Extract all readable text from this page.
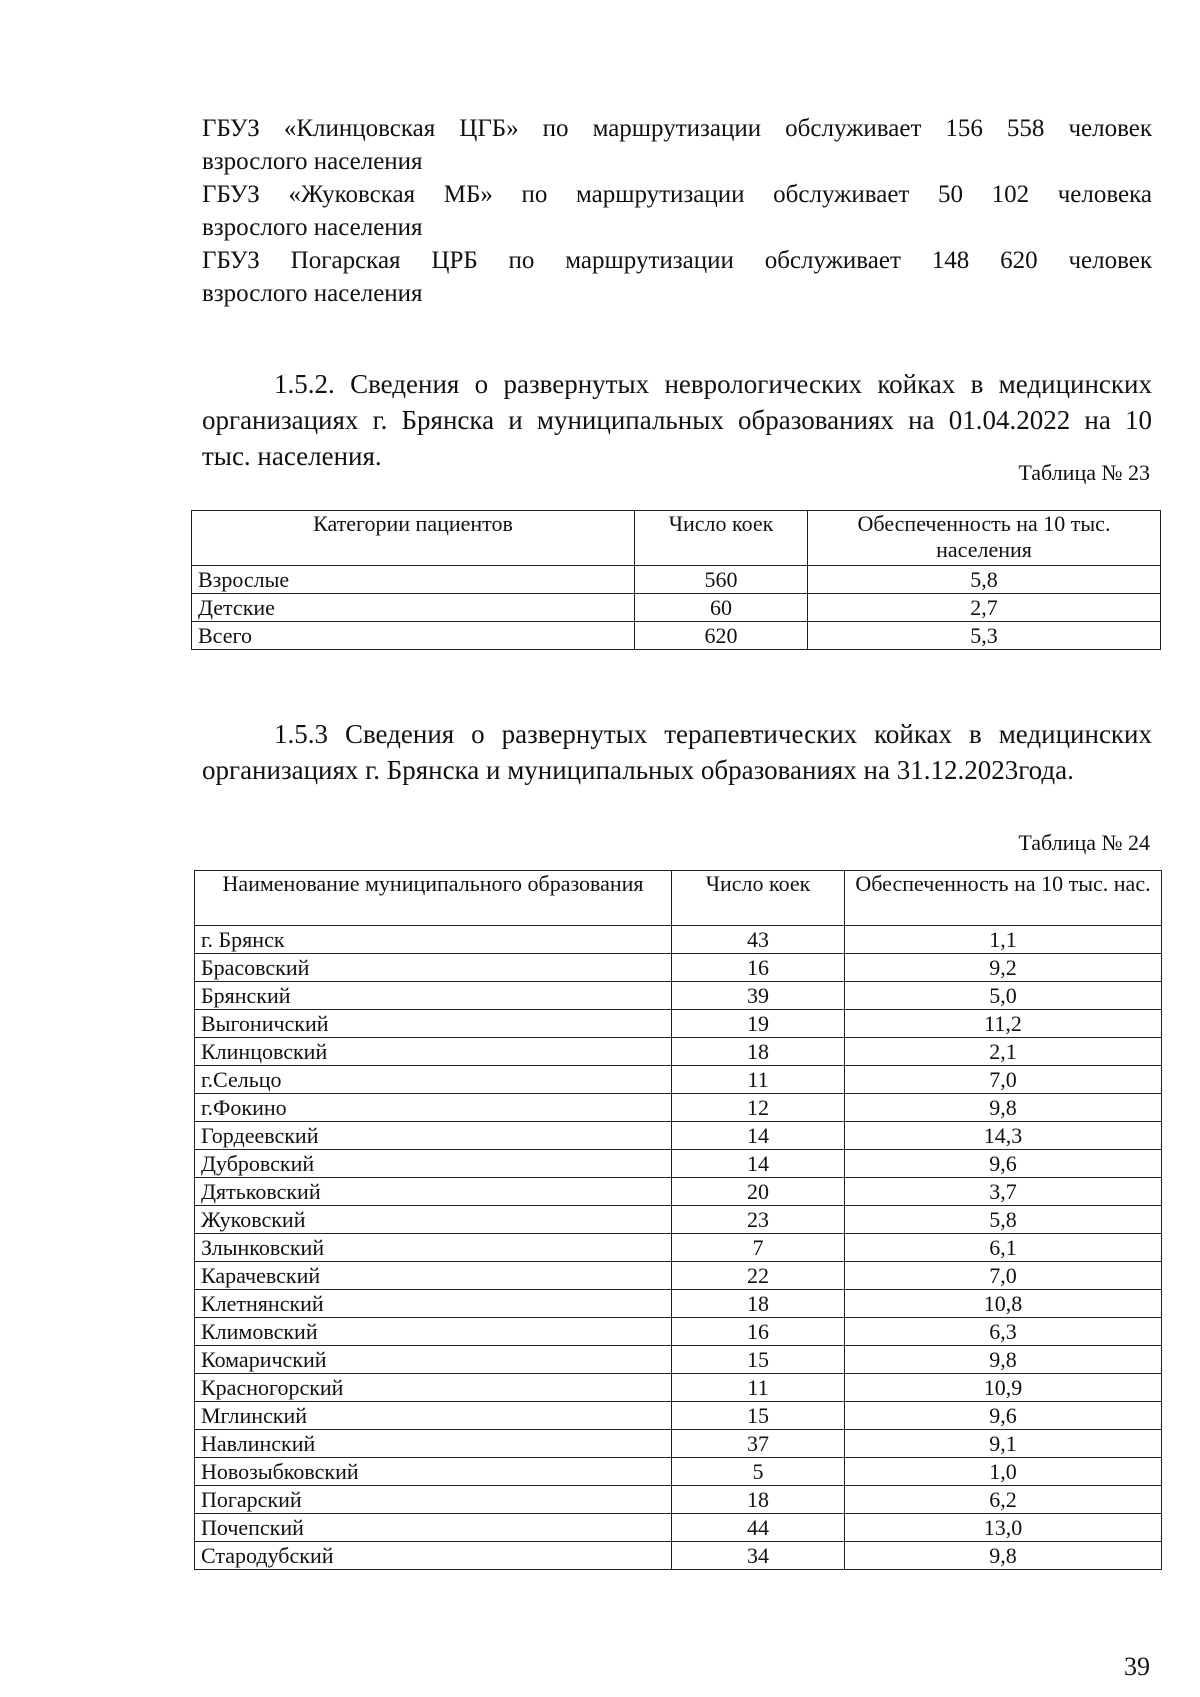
ГБУЗ «Клинцовская ЦГБ» по маршрутизации обслуживает 156 558 человек
взрослого населения
ГБУЗ «Жуковская МБ» по маршрутизации обслуживает 50 102 человека
взрослого населения
ГБУЗ Погарская ЦРБ по маршрутизации обслуживает 148 620 человек
взрослого населения
1.5.2. Сведения о развернутых неврологических койках в медицинских
организациях г. Брянска и муниципальных образованиях на 01.04.2022 на 10
тыс. населения.
Таблица № 23
Категории пациентов	Число коек	Обеспеченность на 10 тыс. населения
Взрослые	560	5,8
Детские	60	2,7
Всего	620	5,3
1.5.3 Сведения о развернутых терапевтических койках в медицинских
организациях г. Брянска и муниципальных образованиях на 31.12.2023года.
Таблица № 24
Наименование муниципального образования	Число коек	Обеспеченность на 10 тыс. нас.
г. Брянск	43	1,1
Брасовский	16	9,2
Брянский	39	5,0
Выгоничский	19	11,2
Клинцовский	18	2,1
г.Сельцо	11	7,0
г.Фокино	12	9,8
Гордеевский	14	14,3
Дубровский	14	9,6
Дятьковский	20	3,7
Жуковский	23	5,8
Злынковский	7	6,1
Карачевский	22	7,0
Клетнянский	18	10,8
Климовский	16	6,3
Комаричский	15	9,8
Красногорский	11	10,9
Мглинский	15	9,6
Навлинский	37	9,1
Новозыбковский	5	1,0
Погарский	18	6,2
Почепский	44	13,0
Стародубский	34	9,8
39
